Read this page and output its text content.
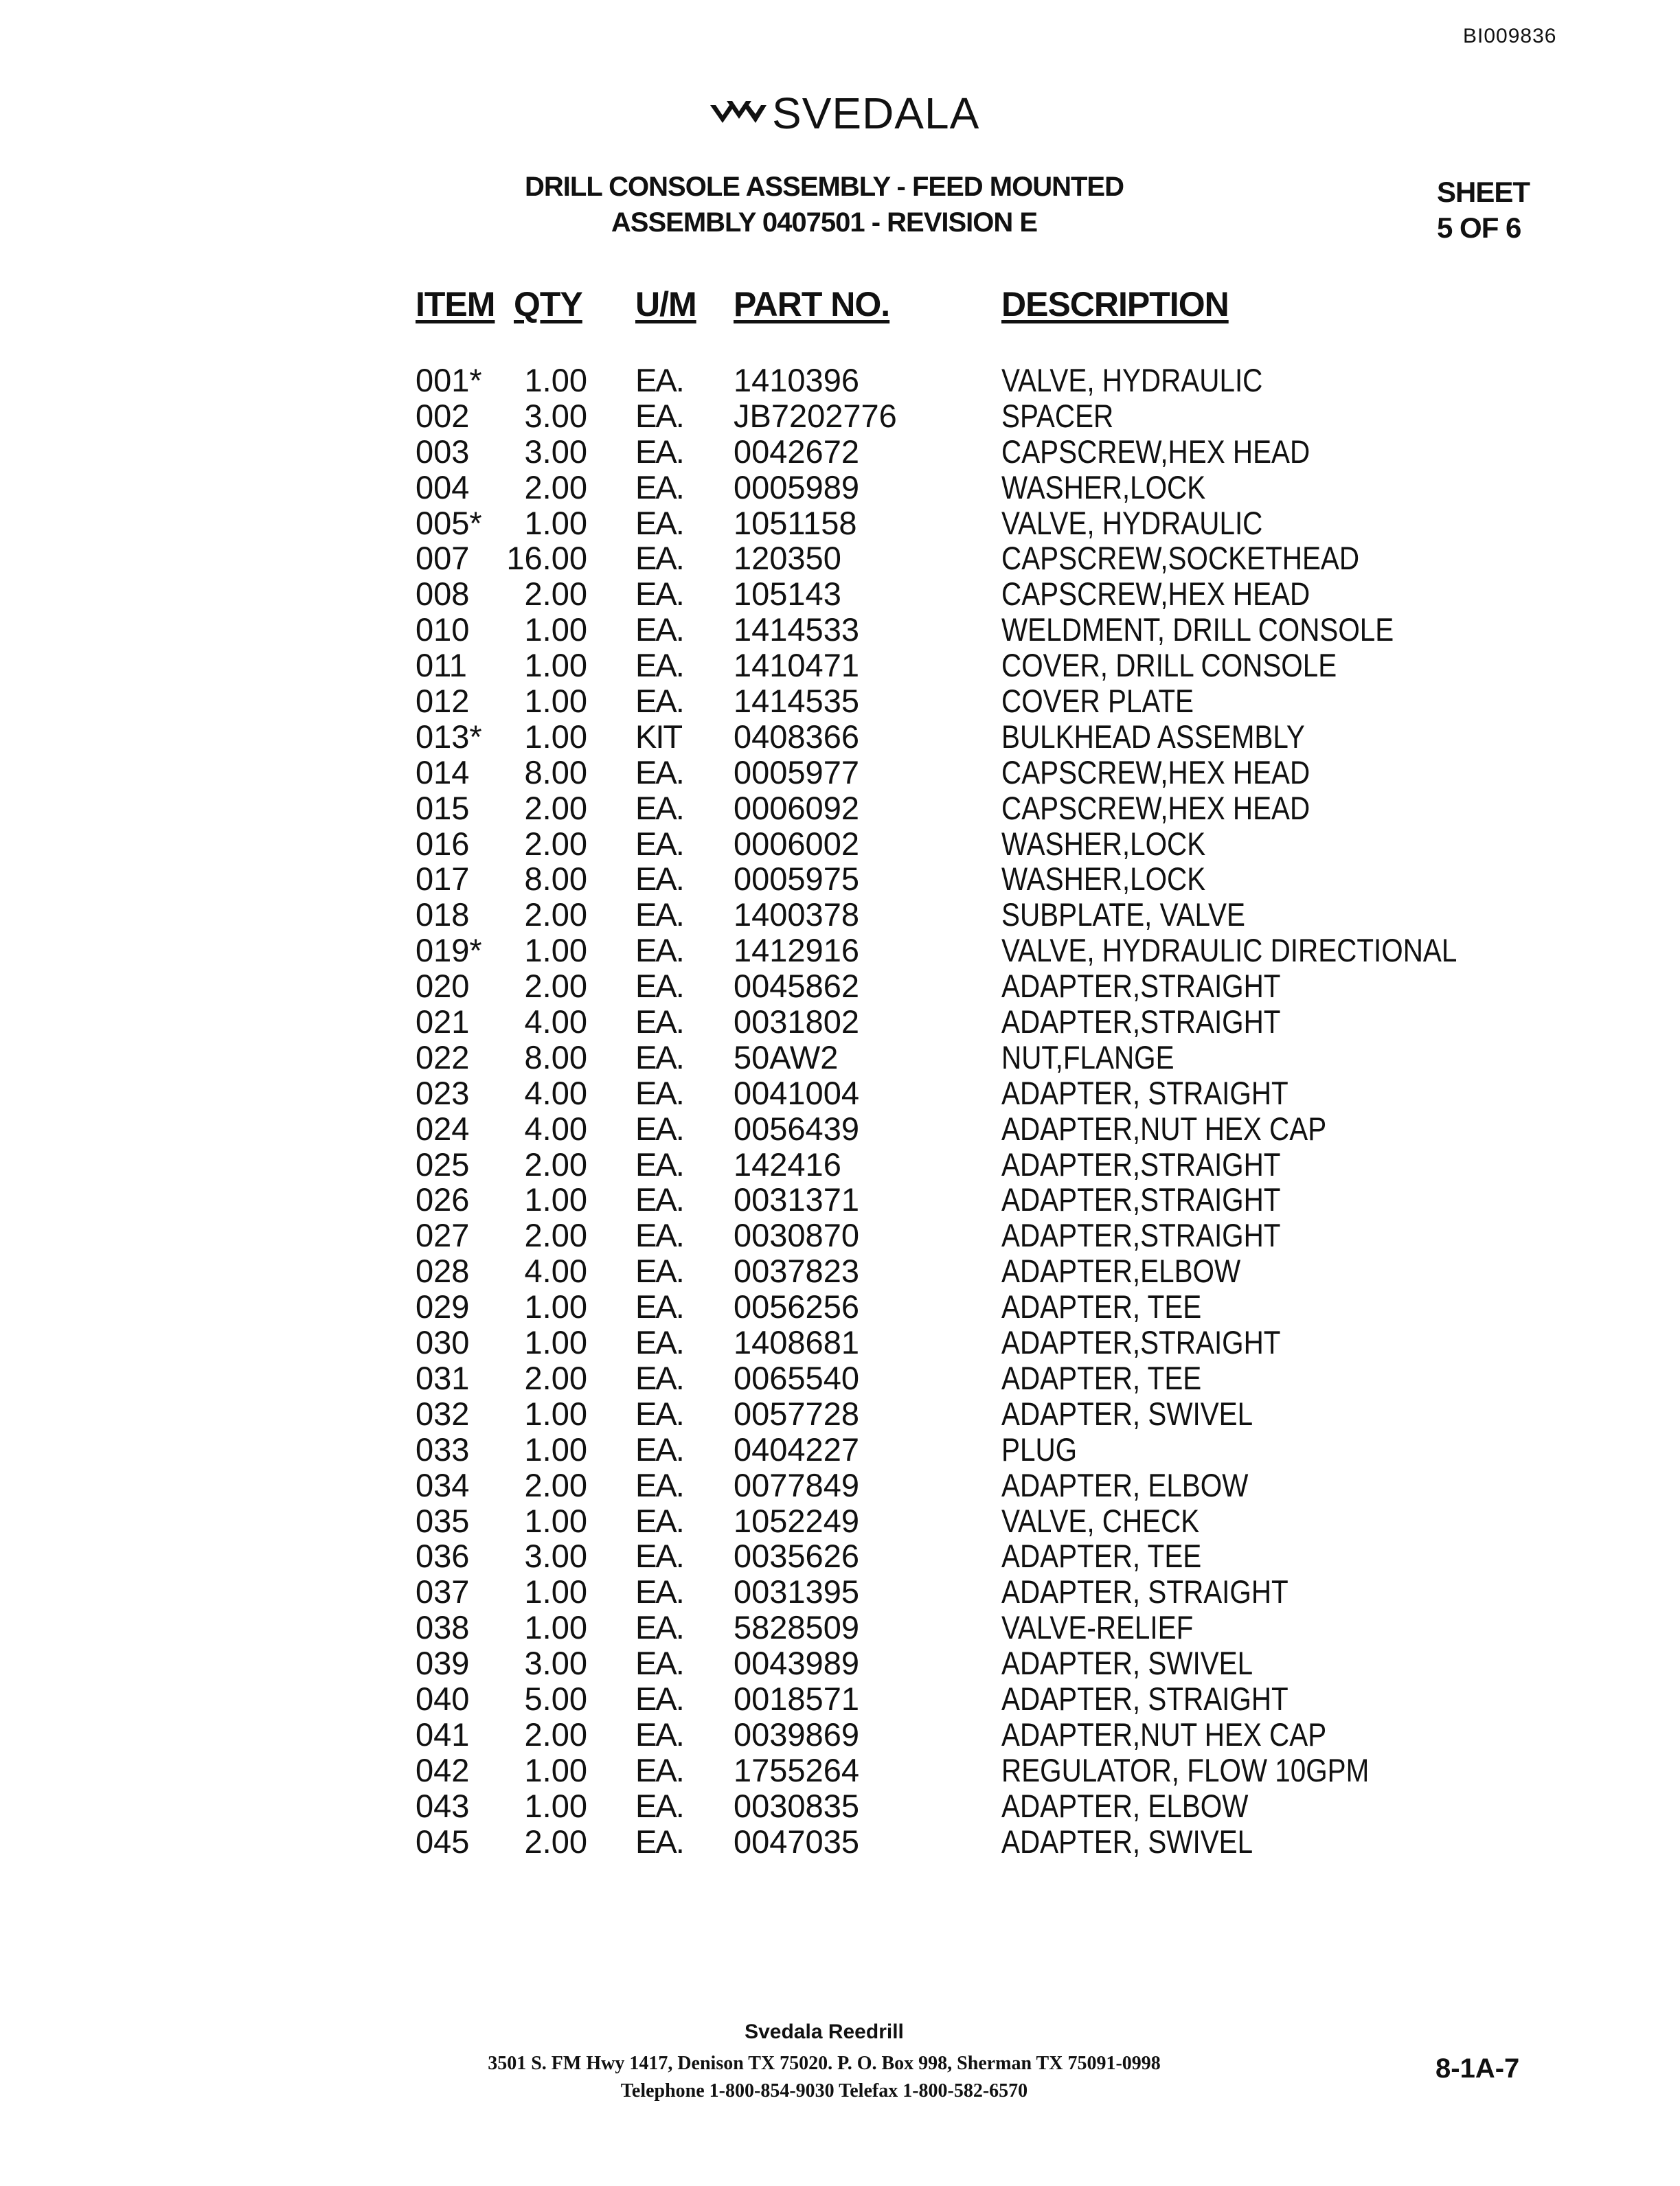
BI009836
SVEDALA
DRILL CONSOLE ASSEMBLY - FEED MOUNTED
ASSEMBLY 0407501 - REVISION E
SHEET
5 OF 6
ITEM QTY U/M PART NO.	DESCRIPTION
001*	1.00 EA. 1410396	VALVE, HYDRAULIC
002	3.00 EA. JB7202776	SPACER
003	3.00 EA. 0042672	CAPSCREW,HEX HEAD
004	2.00 EA. 0005989	WASHER,LOCK
005*	1.00 EA. 1051158	VALVE, HYDRAULIC
007	16.00 EA. 120350	CAPSCREW,SOCKETHEAD
008	2.00 EA. 105143	CAPSCREW,HEX HEAD
010	1.00 EA. 1414533	WELDMENT, DRILL CONSOLE
011	1.00 EA. 1410471	COVER, DRILL CONSOLE
012	1.00 EA. 1414535	COVER PLATE
013*	1.00 KIT 0408366	BULKHEAD ASSEMBLY
014	8.00 EA. 0005977	CAPSCREW,HEX HEAD
015	2.00 EA. 0006092	CAPSCREW,HEX HEAD
016	2.00 EA. 0006002	WASHER,LOCK
017	8.00 EA. 0005975	WASHER,LOCK
018	2.00 EA. 1400378	SUBPLATE, VALVE
019*	1.00 EA. 1412916	VALVE, HYDRAULIC DIRECTIONAL
020	2.00 EA. 0045862	ADAPTER,STRAIGHT
021	4.00 EA. 0031802	ADAPTER,STRAIGHT
022	8.00 EA. 50AW2	NUT,FLANGE
023	4.00 EA. 0041004	ADAPTER, STRAIGHT
024	4.00 EA. 0056439	ADAPTER,NUT HEX CAP
025	2.00 EA. 142416	ADAPTER,STRAIGHT
026	1.00 EA. 0031371	ADAPTER,STRAIGHT
027	2.00 EA. 0030870	ADAPTER,STRAIGHT
028	4.00 EA. 0037823	ADAPTER,ELBOW
029	1.00 EA. 0056256	ADAPTER, TEE
030	1.00 EA. 1408681	ADAPTER,STRAIGHT
031	2.00 EA. 0065540	ADAPTER, TEE
032	1.00 EA. 0057728	ADAPTER, SWIVEL
033	1.00 EA. 0404227	PLUG
034	2.00 EA. 0077849	ADAPTER, ELBOW
035	1.00 EA. 1052249	VALVE, CHECK
036	3.00 EA. 0035626	ADAPTER, TEE
037	1.00 EA. 0031395	ADAPTER, STRAIGHT
038	1.00 EA. 5828509	VALVE-RELIEF
039	3.00 EA. 0043989	ADAPTER, SWIVEL
040	5.00 EA. 0018571	ADAPTER, STRAIGHT
041	2.00 EA. 0039869	ADAPTER,NUT HEX CAP
042	1.00 EA. 1755264	REGULATOR, FLOW 10GPM
043	1.00 EA. 0030835	ADAPTER, ELBOW
045	2.00 EA. 0047035	ADAPTER, SWIVEL
Svedala Reedrill
3501 S. FM Hwy 1417, Denison TX 75020. P. O. Box 998, Sherman TX 75091-0998
Telephone 1-800-854-9030 Telefax 1-800-582-6570
8-1A-7
